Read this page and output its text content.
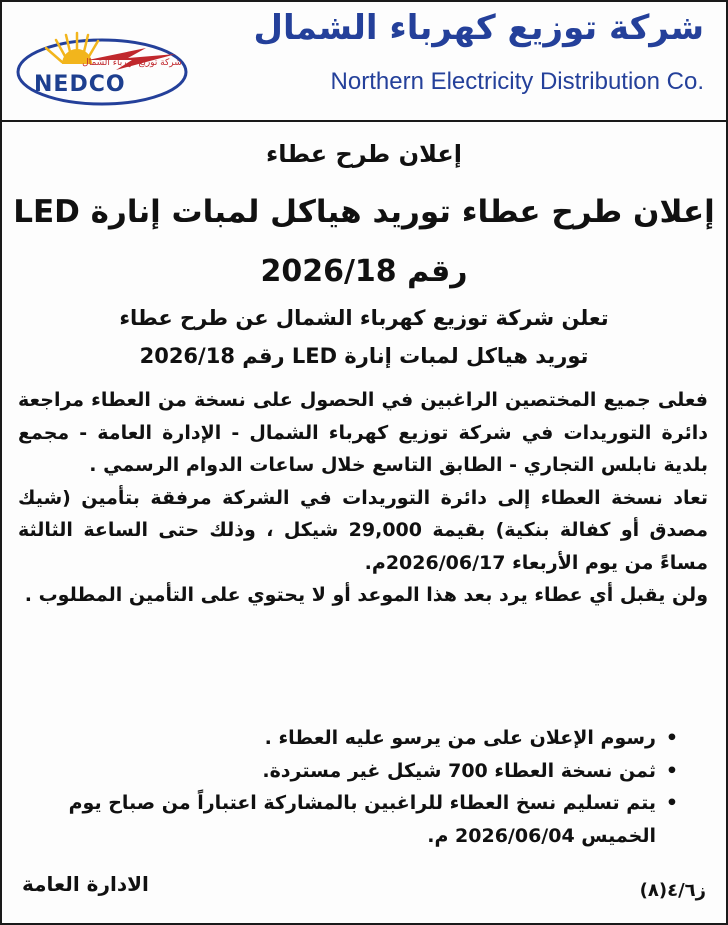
شركة توزيع كهرباء الشمال
NEDCO
شركة توزيع كهرباء الشمال
Northern Electricity Distribution Co.
إعلان طرح عطاء
إعلان طرح عطاء توريد هياكل لمبات إنارة LED
رقم 2026/18
تعلن شركة توزيع كهرباء الشمال عن طرح عطاء
توريد هياكل لمبات إنارة LED رقم 2026/18

فعلى جميع المختصين الراغبين في الحصول على نسخة من العطاء مراجعة دائرة التوريدات في شركة توزيع كهرباء الشمال - الإدارة العامة - مجمع بلدية نابلس التجاري - الطابق التاسع خلال ساعات الدوام الرسمي .

تعاد نسخة العطاء إلى دائرة التوريدات في الشركة مرفقة بتأمين (شيك مصدق أو كفالة بنكية) بقيمة 29,000 شيكل ، وذلك حتى الساعة الثالثة مساءً من يوم الأربعاء 2026/06/17م.

ولن يقبل أي عطاء يرد بعد هذا الموعد أو لا يحتوي على التأمين المطلوب .

•
رسوم الإعلان على من يرسو عليه العطاء .
•
ثمن نسخة العطاء 700 شيكل غير مستردة.
•
يتم تسليم نسخ العطاء للراغبين بالمشاركة اعتباراً من صباح يوم الخميس 2026/06/04 م.
الادارة العامة	ز٤/٦(٨)
